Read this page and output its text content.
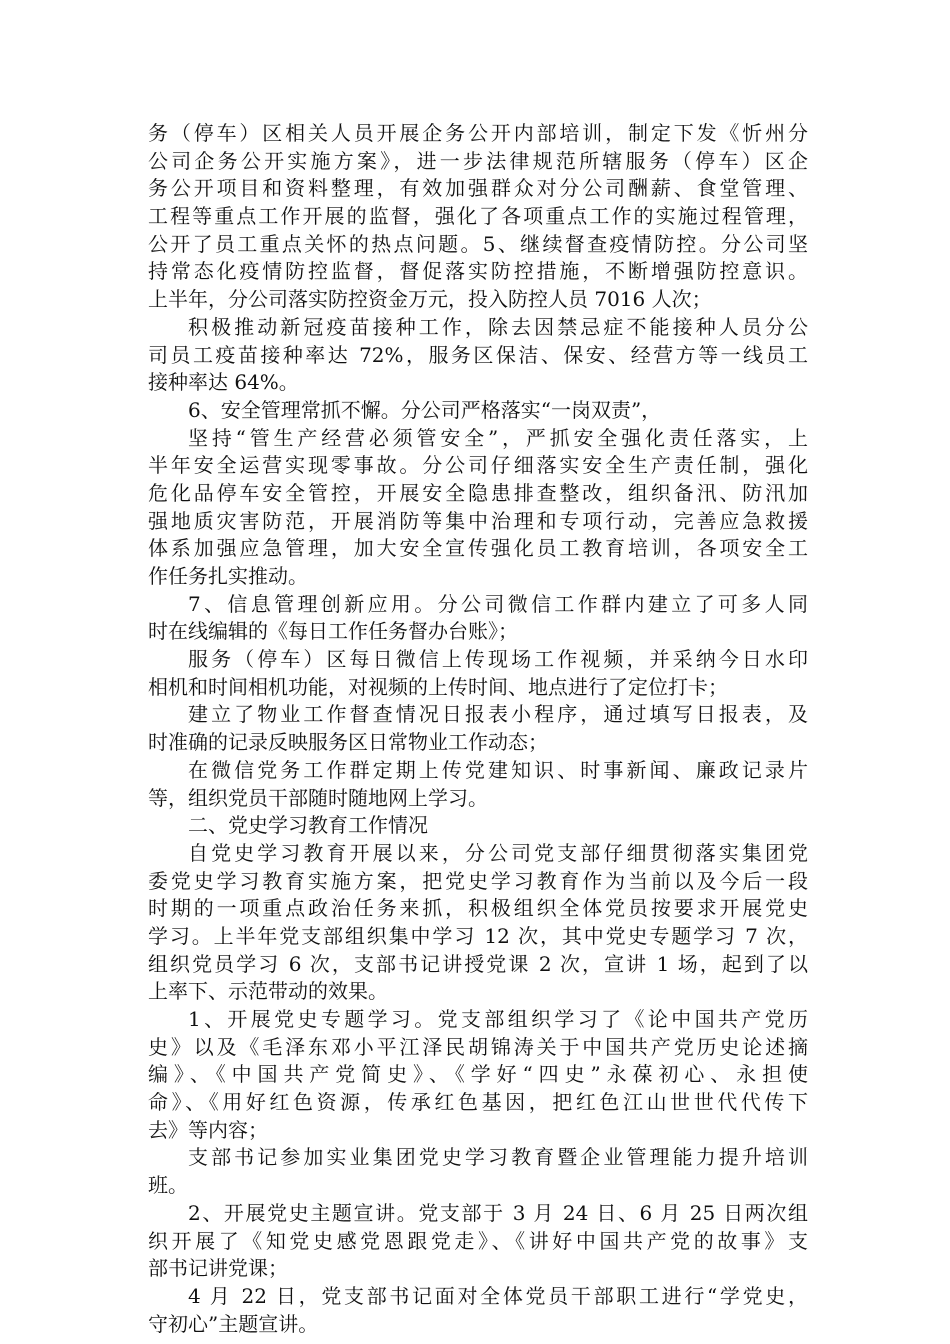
务（停车）区相关人员开展企务公开内部培训，制定下发《忻州分
公司企务公开实施方案》，进一步法律规范所辖服务（停车）区企
务公开项目和资料整理，有效加强群众对分公司酬薪、食堂管理、
工程等重点工作开展的监督，强化了各项重点工作的实施过程管理，
公开了员工重点关怀的热点问题。5、继续督查疫情防控。分公司坚
持常态化疫情防控监督，督促落实防控措施，不断增强防控意识。
上半年，分公司落实防控资金万元，投入防控人员 7016 人次；
积极推动新冠疫苗接种工作，除去因禁忌症不能接种人员分公
司员工疫苗接种率达 72%，服务区保洁、保安、经营方等一线员工
接种率达 64%。
6、安全管理常抓不懈。分公司严格落实“一岗双责”，
坚持“管生产经营必须管安全”，严抓安全强化责任落实，上
半年安全运营实现零事故。分公司仔细落实安全生产责任制，强化
危化品停车安全管控，开展安全隐患排查整改，组织备汛、防汛加
强地质灾害防范，开展消防等集中治理和专项行动，完善应急救援
体系加强应急管理，加大安全宣传强化员工教育培训，各项安全工
作任务扎实推动。
7、信息管理创新应用。分公司微信工作群内建立了可多人同
时在线编辑的《每日工作任务督办台账》；
服务（停车）区每日微信上传现场工作视频，并采纳今日水印
相机和时间相机功能，对视频的上传时间、地点进行了定位打卡；
建立了物业工作督查情况日报表小程序，通过填写日报表，及
时准确的记录反映服务区日常物业工作动态；
在微信党务工作群定期上传党建知识、时事新闻、廉政记录片
等，组织党员干部随时随地网上学习。
二、党史学习教育工作情况
自党史学习教育开展以来，分公司党支部仔细贯彻落实集团党
委党史学习教育实施方案，把党史学习教育作为当前以及今后一段
时期的一项重点政治任务来抓，积极组织全体党员按要求开展党史
学习。上半年党支部组织集中学习 12 次，其中党史专题学习 7 次，
组织党员学习 6 次，支部书记讲授党课 2 次，宣讲 1 场，起到了以
上率下、示范带动的效果。
1、开展党史专题学习。党支部组织学习了《论中国共产党历
史》以及《毛泽东邓小平江泽民胡锦涛关于中国共产党历史论述摘
编》、《中国共产党简史》、《学好“四史”永葆初心、永担使
命》、《用好红色资源，传承红色基因，把红色江山世世代代传下
去》等内容；
支部书记参加实业集团党史学习教育暨企业管理能力提升培训
班。
2、开展党史主题宣讲。党支部于 3 月 24 日、6 月 25 日两次组
织开展了《知党史感党恩跟党走》、《讲好中国共产党的故事》支
部书记讲党课；
4 月 22 日，党支部书记面对全体党员干部职工进行“学党史，
守初心”主题宣讲。
